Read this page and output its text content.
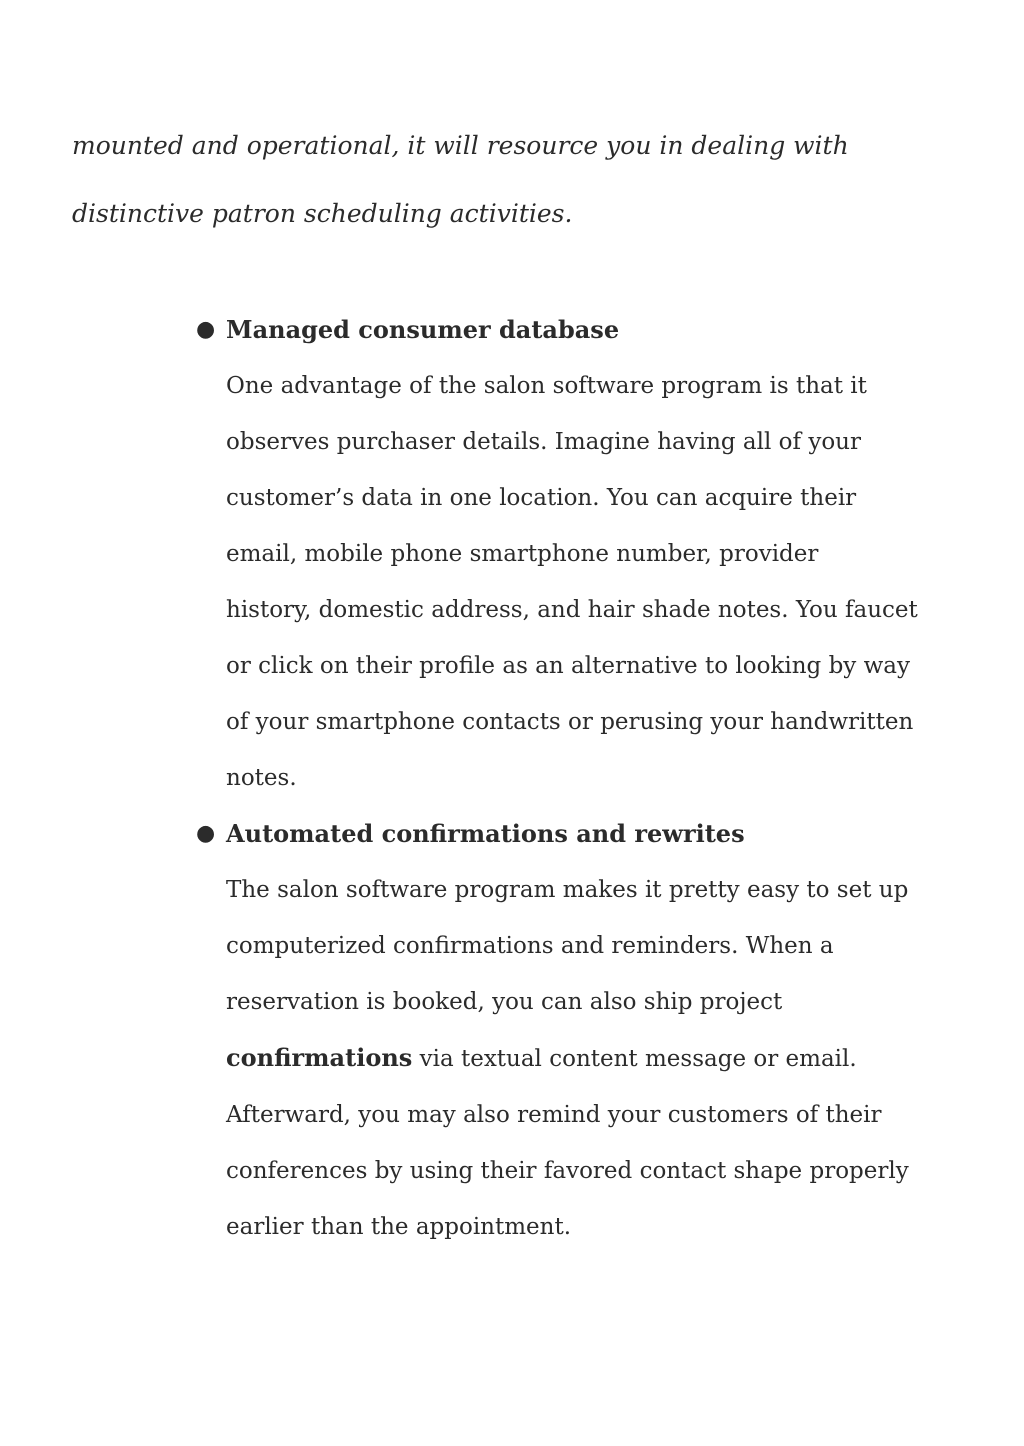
mounted and operational, it will resource you in dealing with
distinctive patron scheduling activities.

● Managed consumer database
One advantage of the salon software program is that it
observes purchaser details. Imagine having all of your
customer’s data in one location. You can acquire their
email, mobile phone smartphone number, provider
history, domestic address, and hair shade notes. You faucet
or click on their profile as an alternative to looking by way
of your smartphone contacts or perusing your handwritten
notes.
● Automated confirmations and rewrites
The salon software program makes it pretty easy to set up
computerized confirmations and reminders. When a
reservation is booked, you can also ship project
confirmations via textual content message or email.
Afterward, you may also remind your customers of their
conferences by using their favored contact shape properly
earlier than the appointment.
